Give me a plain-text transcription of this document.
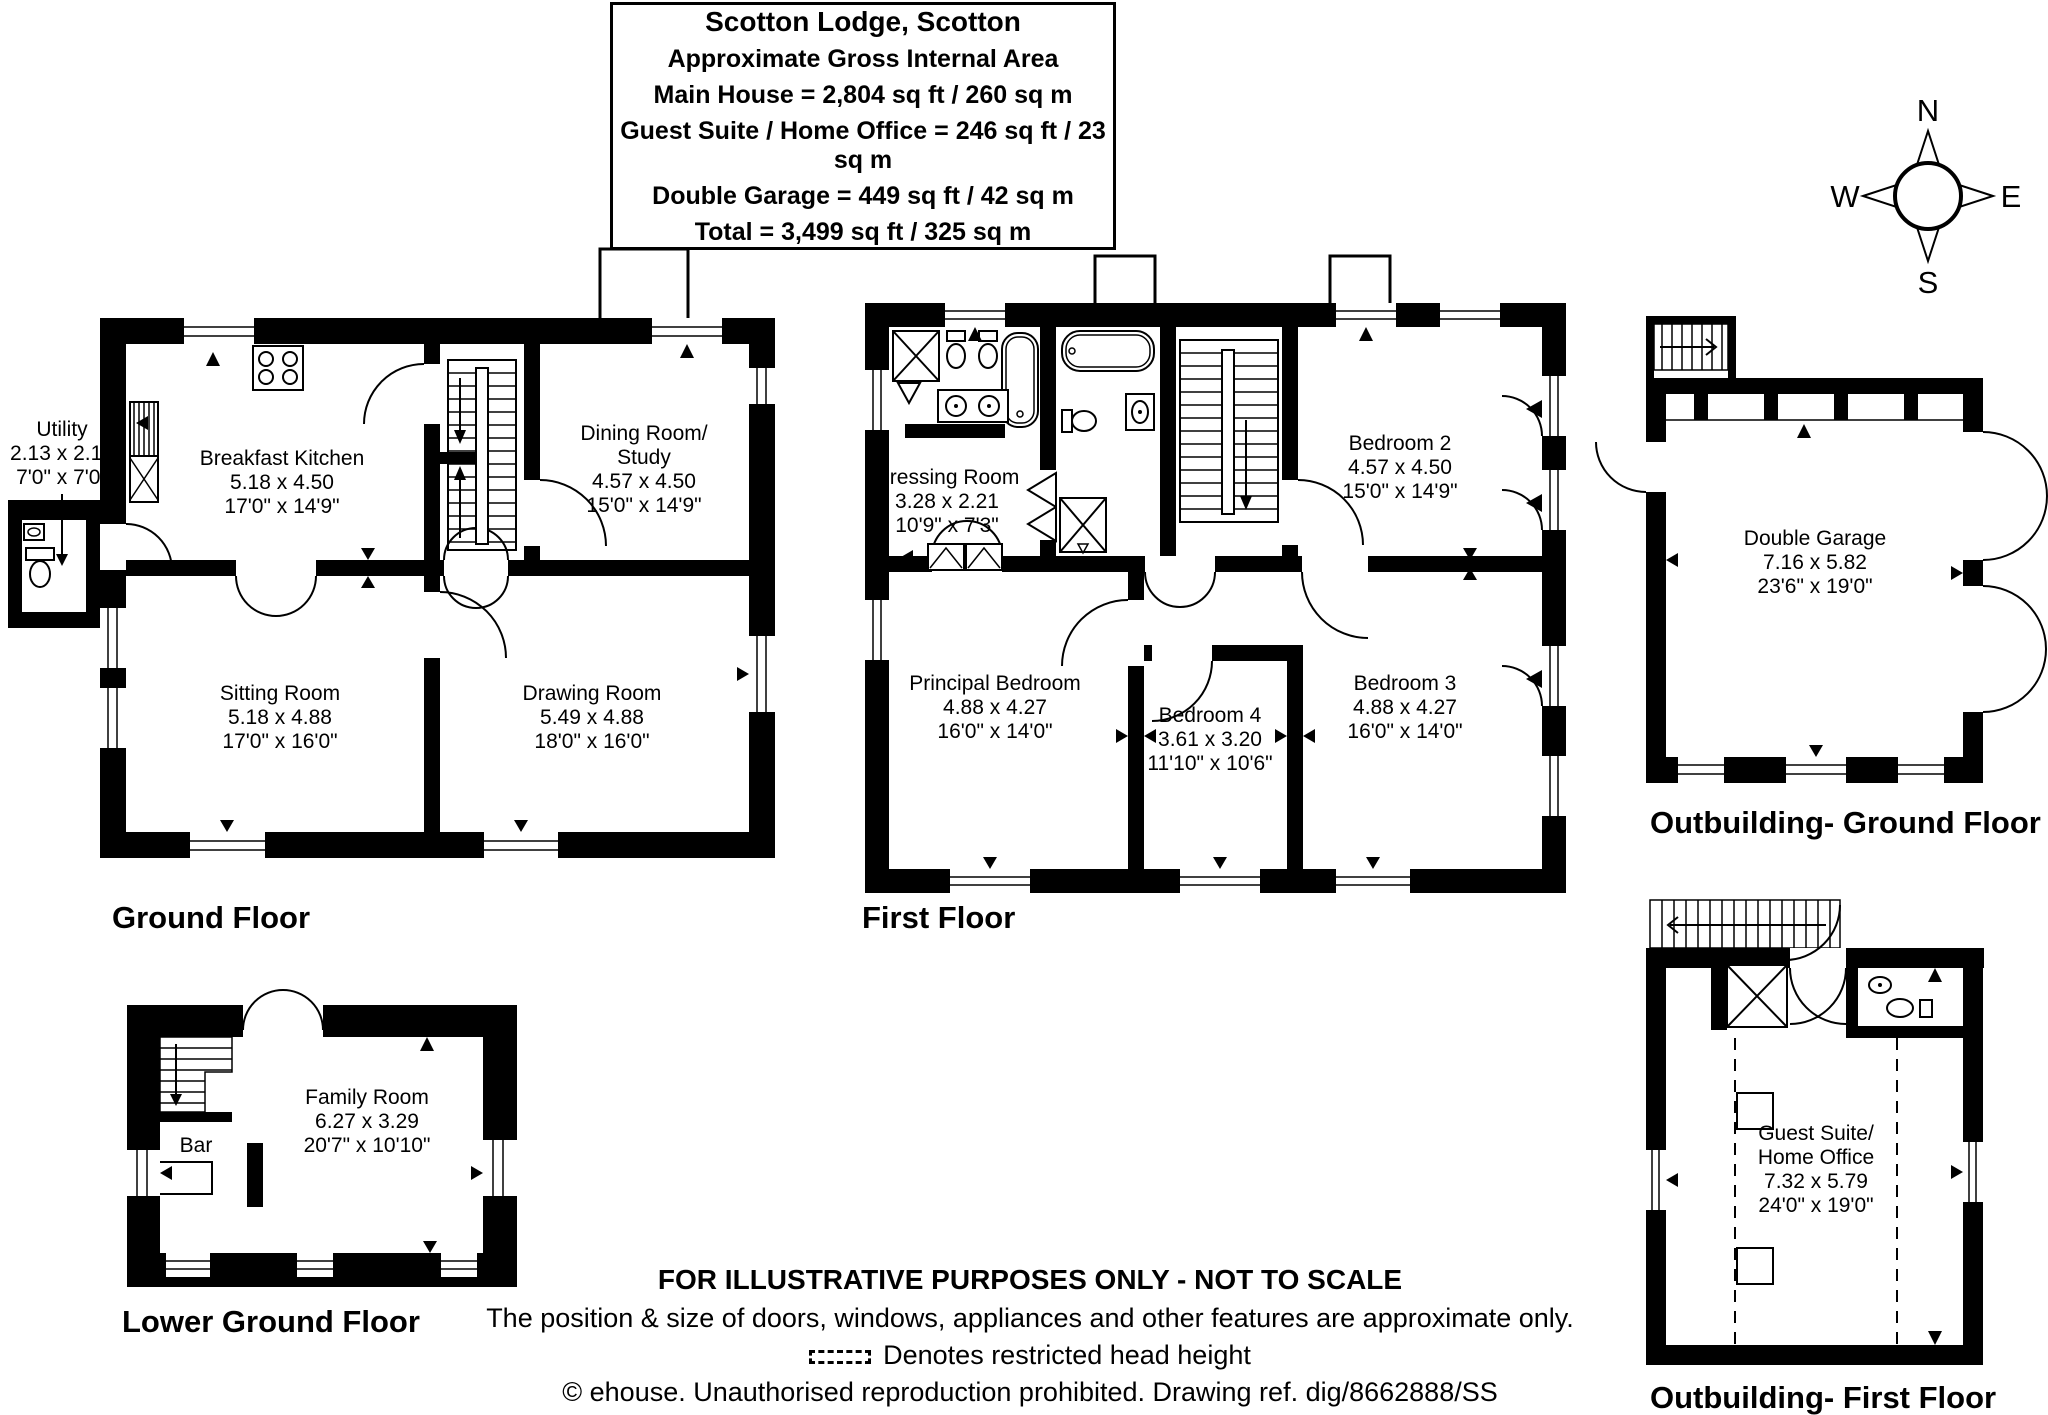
Scotton Lodge, Scotton
Approximate Gross Internal Area
Main House = 2,804 sq ft / 260 sq m
Guest Suite / Home Office = 246 sq ft / 23 sq m
Double Garage = 449 sq ft / 42 sq m
Total = 3,499 sq ft / 325 sq m
N
S
W	E
Utility
2.13 x 2.13
7'0" x 7'0"
Breakfast Kitchen
5.18 x 4.50
17'0" x 14'9"
Dining Room/
Study
4.57 x 4.50
15'0" x 14'9"
Sitting Room
5.18 x 4.88
17'0" x 16'0"
Drawing Room
5.49 x 4.88
18'0" x 16'0"
Ground Floor
Dressing Room
3.28 x 2.21
10'9" x 7'3"
Bedroom 2
4.57 x 4.50
15'0" x 14'9"
Principal Bedroom
4.88 x 4.27
16'0" x 14'0"
Bedroom 4
3.61 x 3.20
11'10" x 10'6"
Bedroom 3
4.88 x 4.27
16'0" x 14'0"
First Floor
Double Garage
7.16 x 5.82
23'6" x 19'0"
Outbuilding- Ground Floor
Guest Suite/
Home Office
7.32 x 5.79
24'0" x 19'0"
Outbuilding- First Floor
Bar
Family Room
6.27 x 3.29
20'7" x 10'10"
Lower Ground Floor
FOR ILLUSTRATIVE PURPOSES ONLY - NOT TO SCALE
The position & size of doors, windows, appliances and other features are approximate only.
Denotes restricted head height
© ehouse. Unauthorised reproduction prohibited. Drawing ref. dig/8662888/SS
